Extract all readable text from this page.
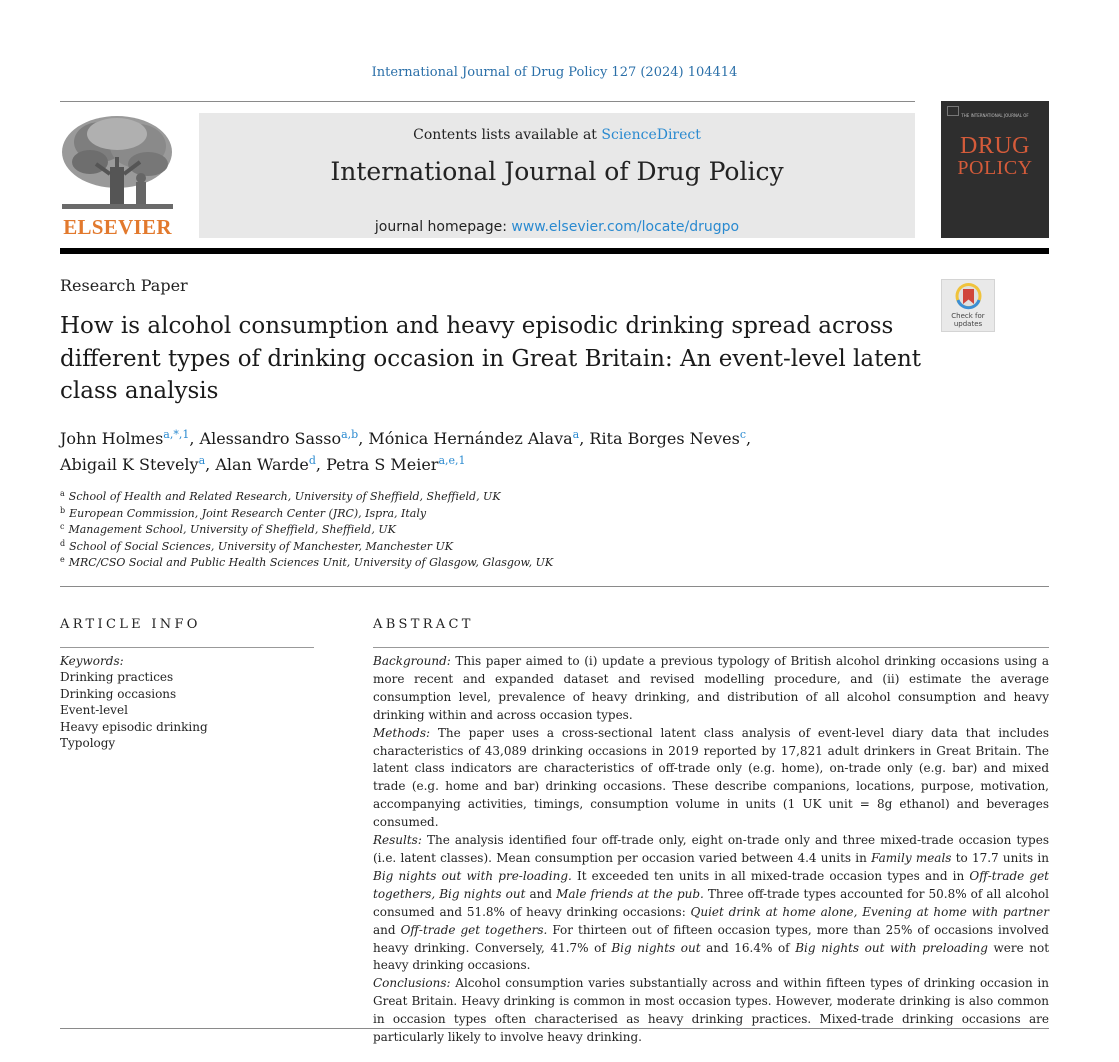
International Journal of Drug Policy 127 (2024) 104414
ELSEVIER
Contents lists available at ScienceDirect
International Journal of Drug Policy
journal homepage: www.elsevier.com/locate/drugpo
THE INTERNATIONAL JOURNAL OF
DRUG
POLICY
Research Paper
Check for
updates
How is alcohol consumption and heavy episodic drinking spread across different types of drinking occasion in Great Britain: An event-level latent class analysis
John Holmes$^{a,*,1}$, Alessandro Sasso$^{a,b}$, Mónica Hernández Alava$^a$, Rita Borges Neves$^c$,
Abigail K Stevely$^a$, Alan Warde$^d$, Petra S Meier$^{a,e,1}$
$^a$ School of Health and Related Research, University of Sheffield, Sheffield, UK
$^b$ European Commission, Joint Research Center (JRC), Ispra, Italy
$^c$ Management School, University of Sheffield, Sheffield, UK
$^d$ School of Social Sciences, University of Manchester, Manchester UK
$^e$ MRC/CSO Social and Public Health Sciences Unit, University of Glasgow, Glasgow, UK
ARTICLE INFO	ABSTRACT
Keywords:
Drinking practices
Drinking occasions
Event-level
Heavy episodic drinking
Typology

Background: This paper aimed to (i) update a previous typology of British alcohol drinking occasions using a more recent and expanded dataset and revised modelling procedure, and (ii) estimate the average consumption level, prevalence of heavy drinking, and distribution of all alcohol consumption and heavy drinking within and across occasion types.

Methods: The paper uses a cross-sectional latent class analysis of event-level diary data that includes characteristics of 43,089 drinking occasions in 2019 reported by 17,821 adult drinkers in Great Britain. The latent class indicators are characteristics of off-trade only (e.g. home), on-trade only (e.g. bar) and mixed trade (e.g. home and bar) drinking occasions. These describe companions, locations, purpose, motivation, accompanying activities, timings, consumption volume in units (1 UK unit = 8g ethanol) and beverages consumed.

Results: The analysis identified four off-trade only, eight on-trade only and three mixed-trade occasion types (i.e. latent classes). Mean consumption per occasion varied between 4.4 units in Family meals to 17.7 units in Big nights out with pre-loading. It exceeded ten units in all mixed-trade occasion types and in Off-trade get togethers, Big nights out and Male friends at the pub. Three off-trade types accounted for 50.8% of all alcohol consumed and 51.8% of heavy drinking occasions: Quiet drink at home alone, Evening at home with partner and Off-trade get togethers. For thirteen out of fifteen occasion types, more than 25% of occasions involved heavy drinking. Conversely, 41.7% of Big nights out and 16.4% of Big nights out with preloading were not heavy drinking occasions.

Conclusions: Alcohol consumption varies substantially across and within fifteen types of drinking occasion in Great Britain. Heavy drinking is common in most occasion types. However, moderate drinking is also common in occasion types often characterised as heavy drinking practices. Mixed-trade drinking occasions are particularly likely to involve heavy drinking.
